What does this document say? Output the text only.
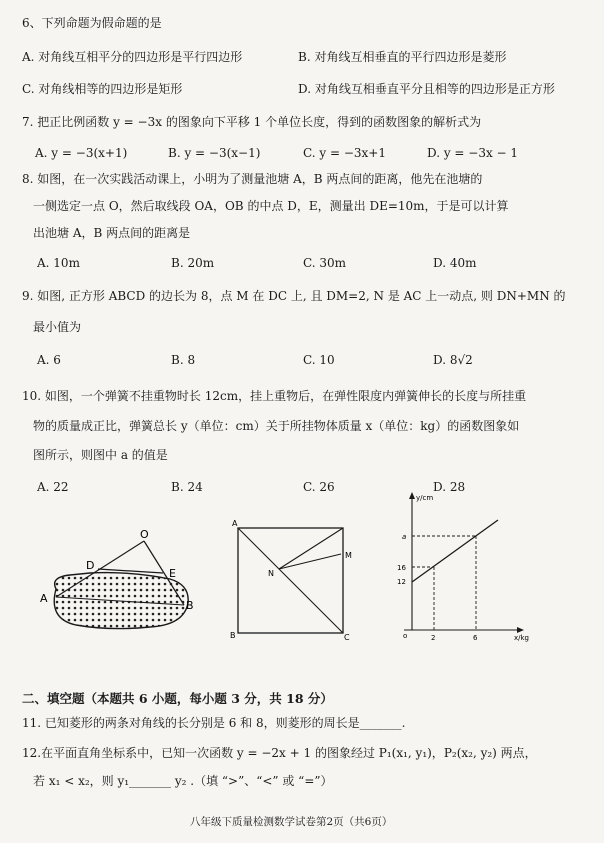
6、下列命题为假命题的是
A. 对角线互相平分的四边形是平行四边形	B. 对角线互相垂直的平行四边形是菱形
C. 对角线相等的四边形是矩形	D. 对角线互相垂直平分且相等的四边形是正方形
7. 把正比例函数 y = −3x 的图象向下平移 1 个单位长度，得到的函数图象的解析式为
A. y = −3(x+1)	B. y = −3(x−1)	C. y = −3x+1	D. y = −3x − 1
8. 如图，在一次实践活动课上，小明为了测量池塘 A，B 两点间的距离，他先在池塘的
一侧选定一点 O，然后取线段 OA，OB 的中点 D，E，测量出 DE=10m，于是可以计算
出池塘 A，B 两点间的距离是
A. 10m	B. 20m	C. 30m	D. 40m
9. 如图, 正方形 ABCD 的边长为 8，点 M 在 DC 上, 且 DM=2, N 是 AC 上一动点, 则 DN+MN 的
最小值为
A. 6	B. 8	C. 10	D. 8√2
10. 如图，一个弹簧不挂重物时长 12cm，挂上重物后，在弹性限度内弹簧伸长的长度与所挂重
物的质量成正比，弹簧总长 y（单位：cm）关于所挂物体质量 x（单位：kg）的函数图象如
图所示，则图中 a 的值是
A. 22	B. 24	C. 26	D. 28
O
D
E
A
B
A
M
N
B	C
y/cm
x/kg
o
a
16
12
2	6
二、填空题（本题共 6 小题，每小题 3 分，共 18 分）
11. 已知菱形的两条对角线的长分别是 6 和 8，则菱形的周长是_______.
12.在平面直角坐标系中，已知一次函数 y = −2x + 1 的图象经过 P₁(x₁, y₁)，P₂(x₂, y₂) 两点，
若 x₁ < x₂，则 y₁_______ y₂ .（填 “>”、“<” 或 “=”）
八年级下质量检测数学试卷第2页（共6页）
